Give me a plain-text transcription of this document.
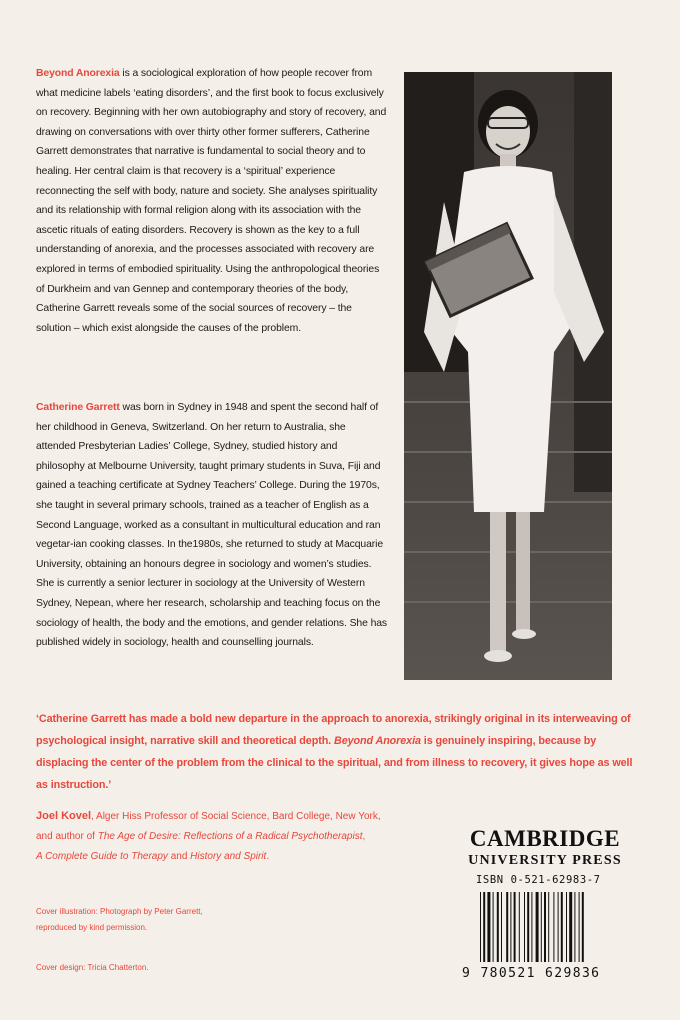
Beyond Anorexia is a sociological exploration of how people recover from what medicine labels ‘eating disorders’, and the first book to focus exclusively on recovery. Beginning with her own autobiography and story of recovery, and drawing on conversations with over thirty other former sufferers, Catherine Garrett demonstrates that narrative is fundamental to social theory and to healing. Her central claim is that recovery is a ‘spiritual’ experience reconnecting the self with body, nature and society. She analyses spirituality and its relationship with formal religion along with its association with the ascetic rituals of eating disorders. Recovery is shown as the key to a full understanding of anorexia, and the processes associated with recovery are explored in terms of embodied spirituality. Using the anthropological theories of Durkheim and van Gennep and contemporary theories of the body, Catherine Garrett reveals some of the social sources of recovery – the solution – which exist alongside the causes of the problem.
Catherine Garrett was born in Sydney in 1948 and spent the second half of her childhood in Geneva, Switzerland. On her return to Australia, she attended Presbyterian Ladies’ College, Sydney, studied history and philosophy at Melbourne University, taught primary students in Suva, Fiji and gained a teaching certificate at Sydney Teachers’ College. During the 1970s, she taught in several primary schools, trained as a teacher of English as a Second Language, worked as a consultant in multicultural education and ran vegetar-ian cooking classes. In the1980s, she returned to study at Macquarie University, obtaining an honours degree in sociology and women’s studies. She is currently a senior lecturer in sociology at the University of Western Sydney, Nepean, where her research, scholarship and teaching focus on the sociology of health, the body and the emotions, and gender relations. She has published widely in sociology, health and counselling journals.
‘Catherine Garrett has made a bold new departure in the approach to anorexia, strikingly original in its interweaving of psychological insight, narrative skill and theoretical depth. Beyond Anorexia is genuinely inspiring, because by displacing the center of the problem from the clinical to the spiritual, and from illness to recovery, it gives hope as well as instruction.’
Joel Kovel, Alger Hiss Professor of Social Science, Bard College, New York,
and author of The Age of Desire: Reflections of a Radical Psychotherapist,
A Complete Guide to Therapy and History and Spirit.
Cover illustration: Photograph by Peter Garrett,
reproduced by kind permission.
Cover design: Tricia Chatterton.
CAMBRIDGE
UNIVERSITY PRESS
ISBN 0-521-62983-7
9 780521 629836
